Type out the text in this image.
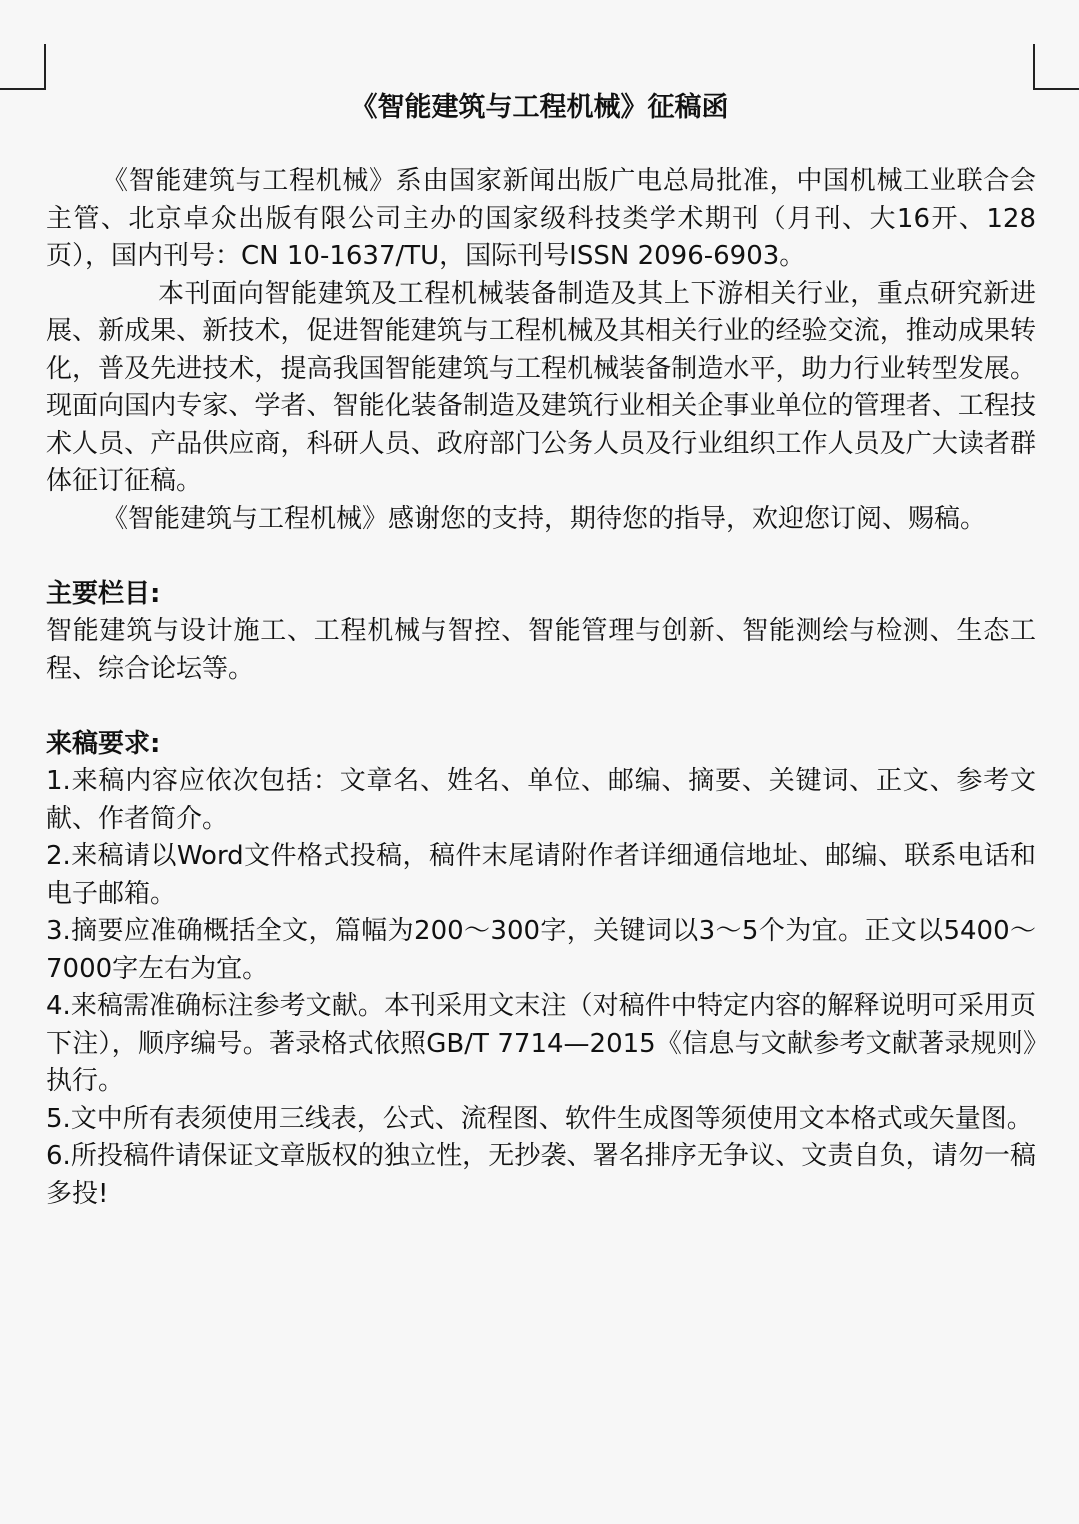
《智能建筑与工程机械》征稿函

《智能建筑与工程机械》系由国家新闻出版广电总局批准，中国机械工业联合会主管、北京卓众出版有限公司主办的国家级科技类学术期刊（月刊、大16开、128页），国内刊号：CN 10-1637/TU，国际刊号ISSN 2096-6903。

本刊面向智能建筑及工程机械装备制造及其上下游相关行业，重点研究新进展、新成果、新技术，促进智能建筑与工程机械及其相关行业的经验交流，推动成果转化，普及先进技术，提高我国智能建筑与工程机械装备制造水平，助力行业转型发展。现面向国内专家、学者、智能化装备制造及建筑行业相关企事业单位的管理者、工程技术人员、产品供应商，科研人员、政府部门公务人员及行业组织工作人员及广大读者群体征订征稿。

《智能建筑与工程机械》感谢您的支持，期待您的指导，欢迎您订阅、赐稿。

主要栏目:

智能建筑与设计施工、工程机械与智控、智能管理与创新、智能测绘与检测、生态工程、综合论坛等。

来稿要求:

1.来稿内容应依次包括：文章名、姓名、单位、邮编、摘要、关键词、正文、参考文献、作者简介。

2.来稿请以Word文件格式投稿，稿件末尾请附作者详细通信地址、邮编、联系电话和电子邮箱。

3.摘要应准确概括全文，篇幅为200～300字，关键词以3～5个为宜。正文以5400～7000字左右为宜。

4.来稿需准确标注参考文献。本刊采用文末注（对稿件中特定内容的解释说明可采用页下注），顺序编号。著录格式依照GB/T 7714—2015《信息与文献参考文献著录规则》执行。

5.文中所有表须使用三线表，公式、流程图、软件生成图等须使用文本格式或矢量图。

6.所投稿件请保证文章版权的独立性，无抄袭、署名排序无争议、文责自负，请勿一稿多投!
